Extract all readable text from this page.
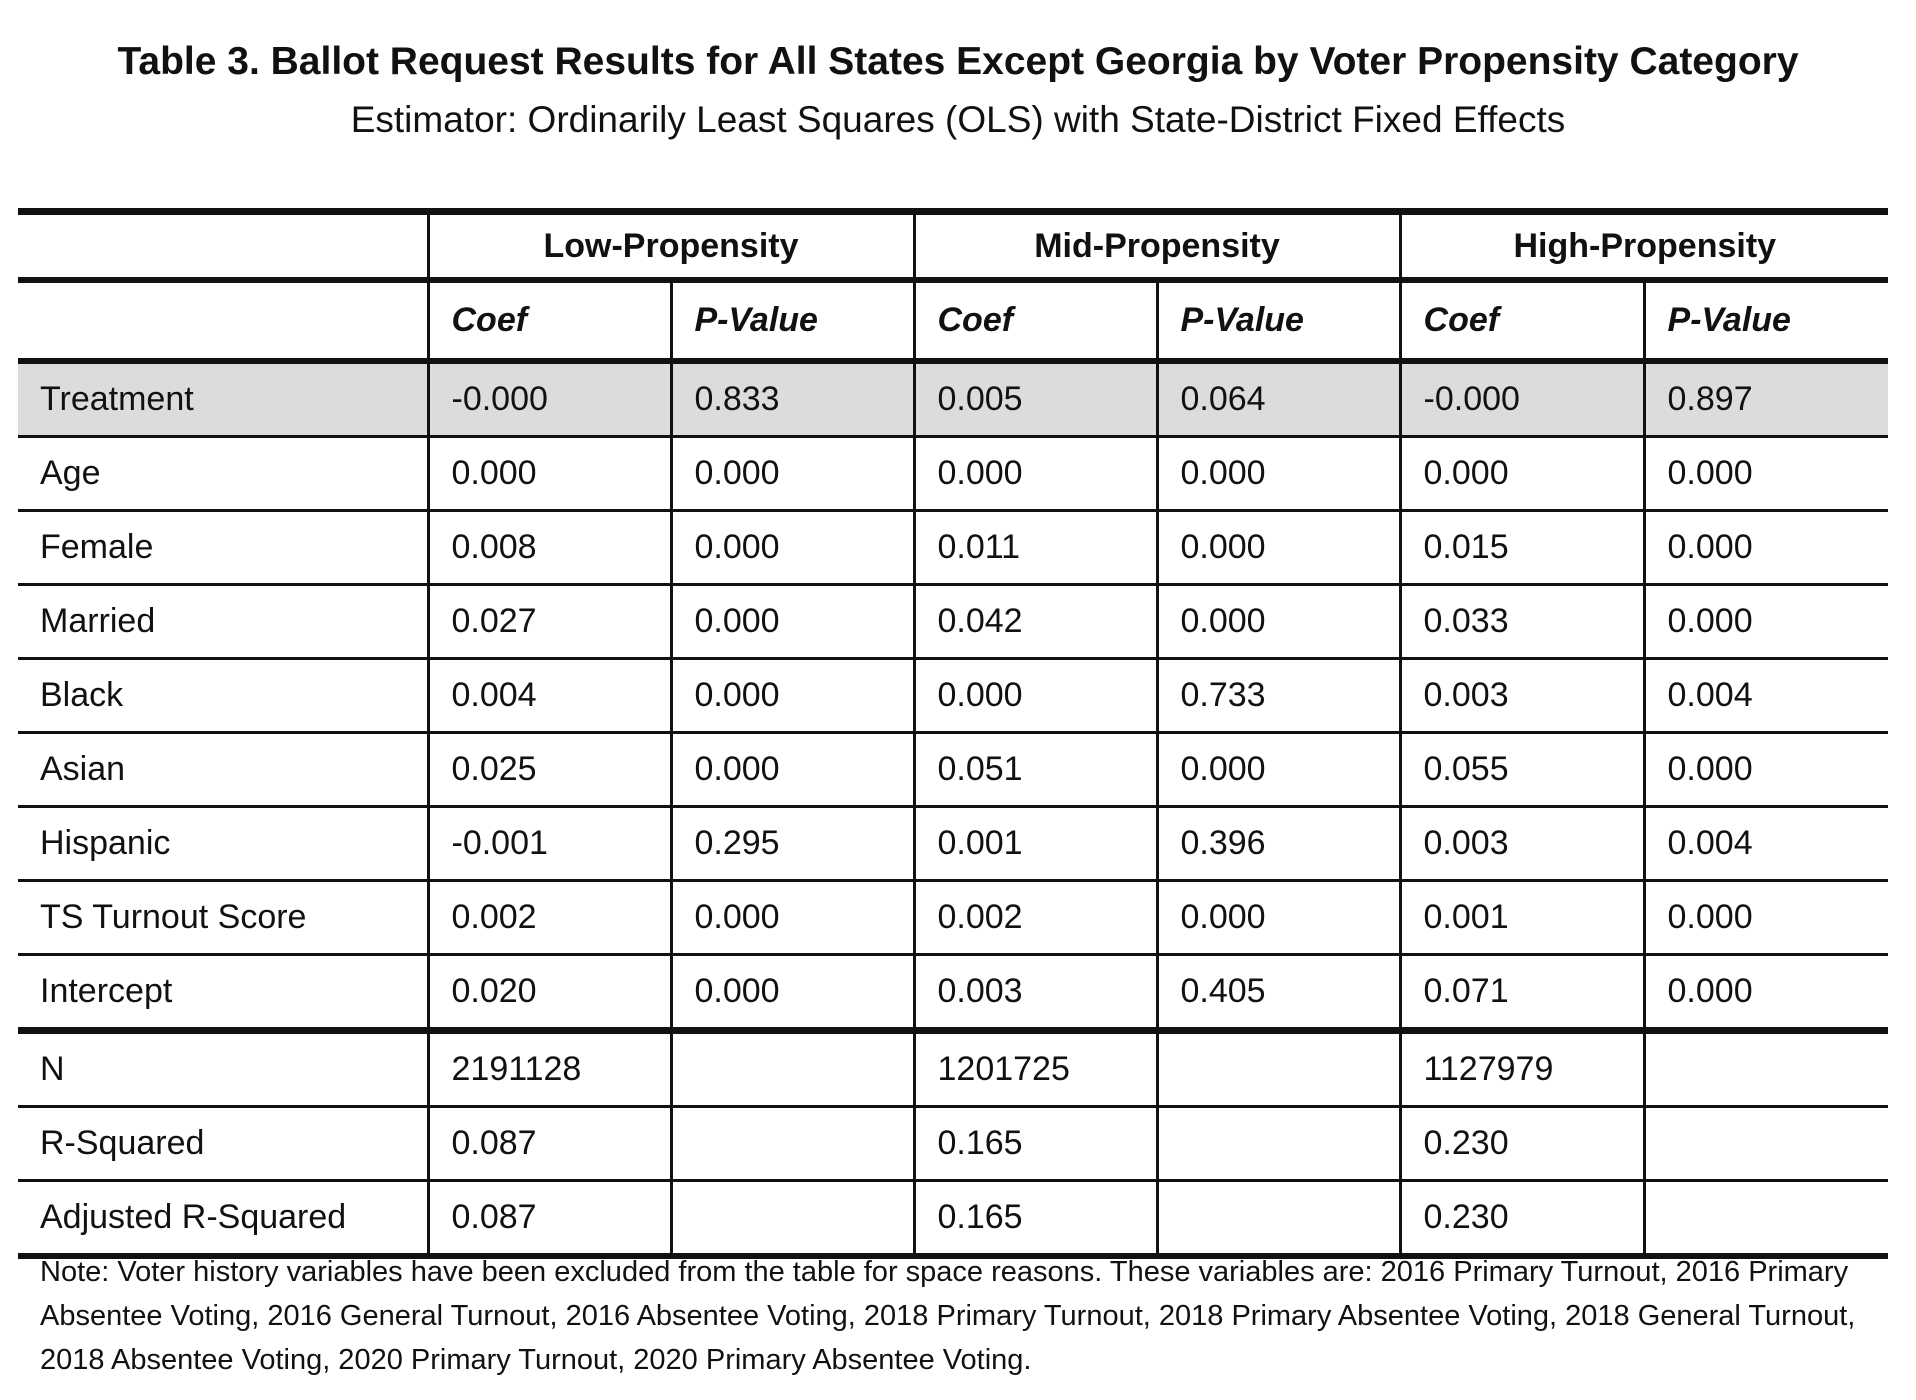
Table 3. Ballot Request Results for All States Except Georgia by Voter Propensity Category
Estimator: Ordinarily Least Squares (OLS) with State-District Fixed Effects
	Low-Propensity		Mid-Propensity		High-Propensity	
	Coef	P-Value	Coef	P-Value	Coef	P-Value
Treatment	-0.000	0.833	0.005	0.064	-0.000	0.897
Age	0.000	0.000	0.000	0.000	0.000	0.000
Female	0.008	0.000	0.011	0.000	0.015	0.000
Married	0.027	0.000	0.042	0.000	0.033	0.000
Black	0.004	0.000	0.000	0.733	0.003	0.004
Asian	0.025	0.000	0.051	0.000	0.055	0.000
Hispanic	-0.001	0.295	0.001	0.396	0.003	0.004
TS Turnout Score	0.002	0.000	0.002	0.000	0.001	0.000
Intercept	0.020	0.000	0.003	0.405	0.071	0.000
N	2191128		1201725		1127979	
R-Squared	0.087		0.165		0.230	
Adjusted R-Squared	0.087		0.165		0.230	
Note: Voter history variables have been excluded from the table for space reasons. These variables are: 2016 Primary Turnout, 2016 Primary Absentee Voting, 2016 General Turnout, 2016 Absentee Voting, 2018 Primary Turnout, 2018 Primary Absentee Voting, 2018 General Turnout, 2018 Absentee Voting, 2020 Primary Turnout, 2020 Primary Absentee Voting.
